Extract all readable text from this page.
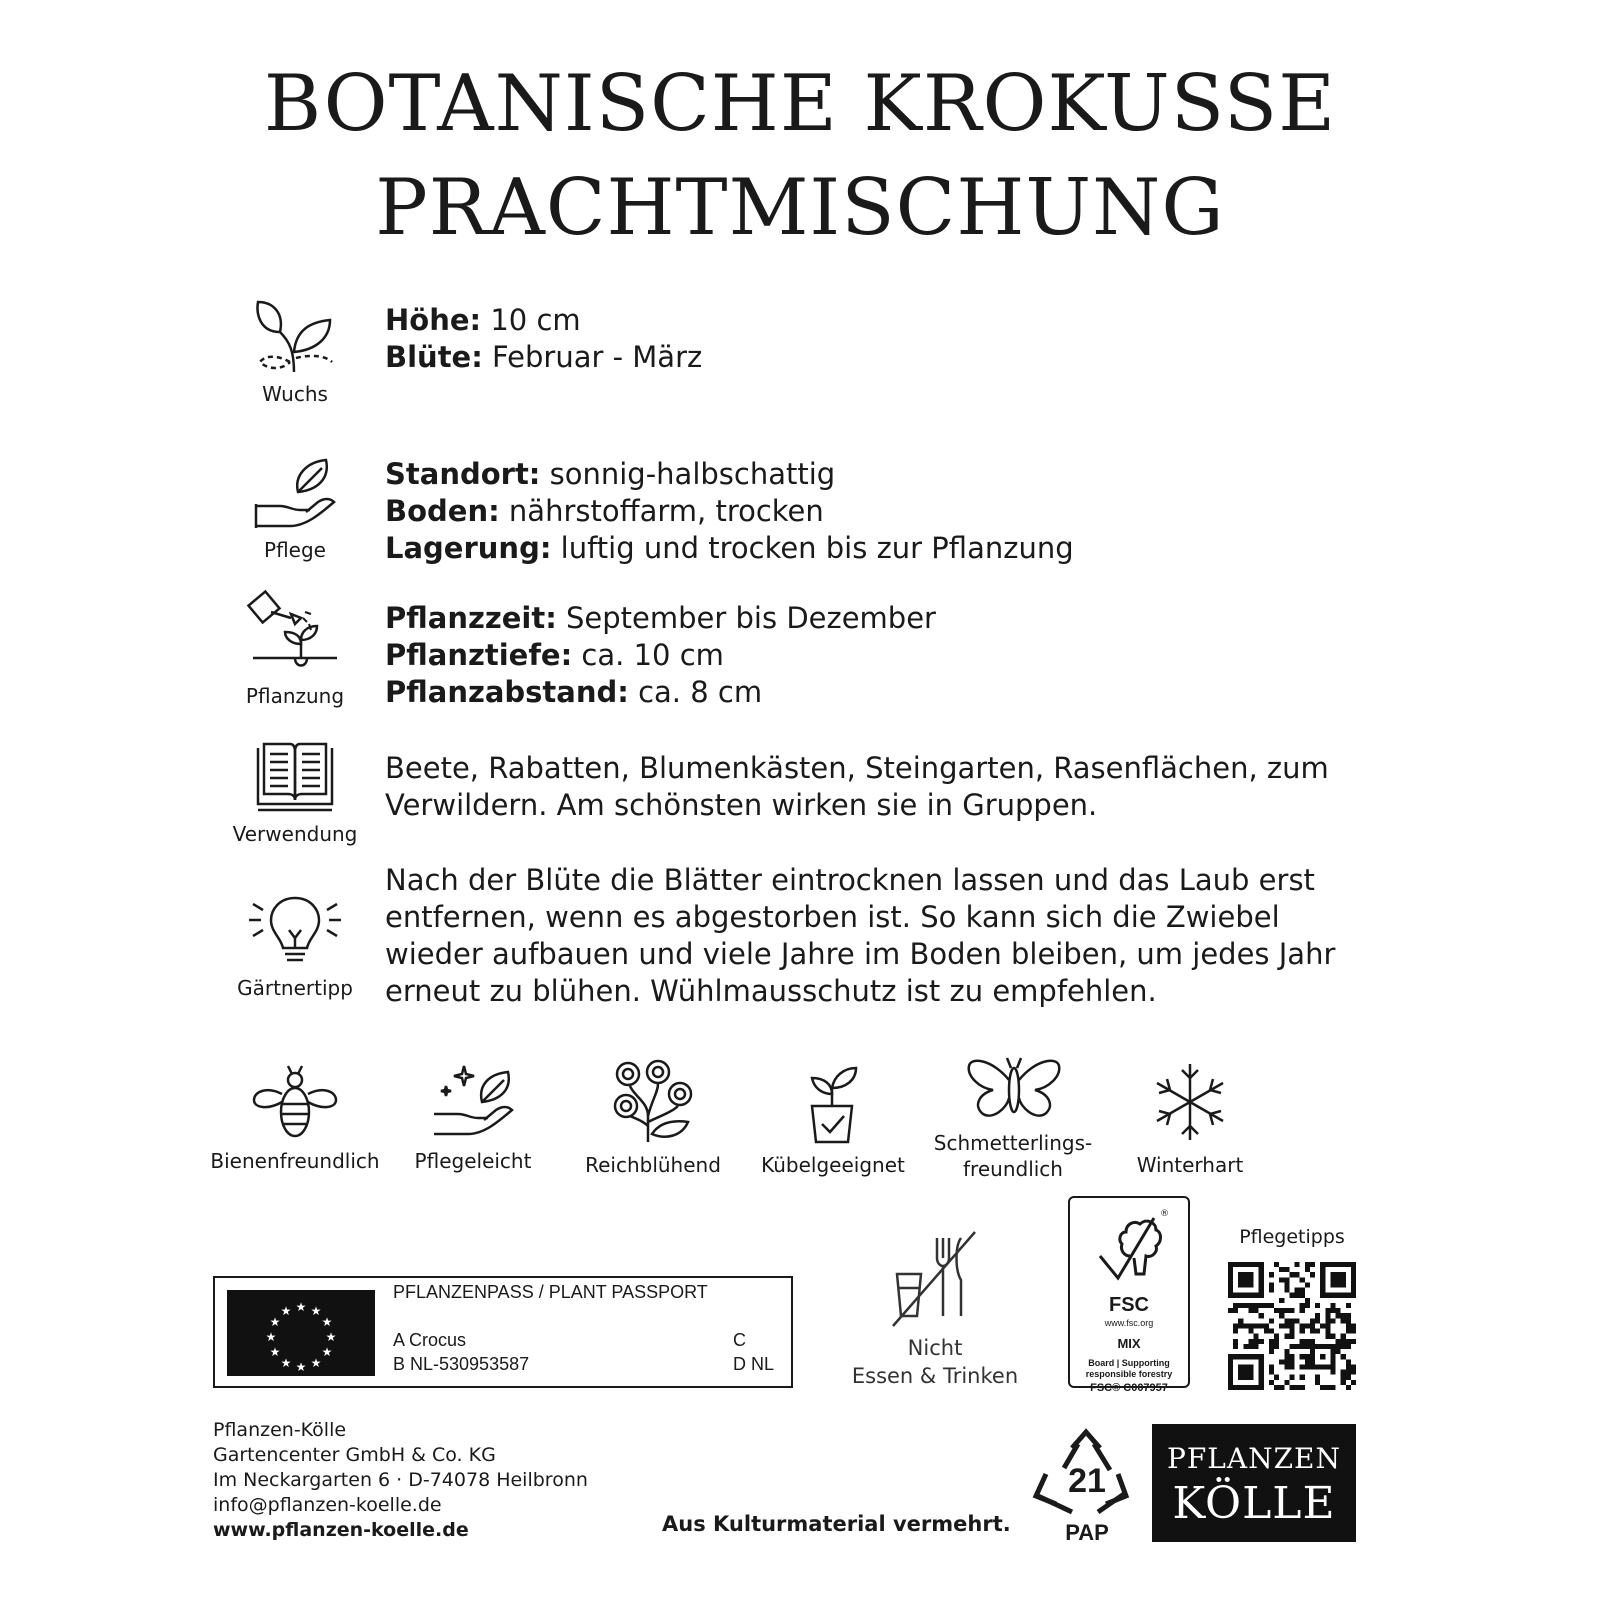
BOTANISCHE KROKUSSE
PRACHTMISCHUNG
Wuchs
Höhe: 10 cm
Blüte: Februar - März
Pflege
Standort: sonnig-halbschattig
Boden: nährstoffarm, trocken
Lagerung: luftig und trocken bis zur Pflanzung
Pflanzung
Pflanzzeit: September bis Dezember
Pflanztiefe: ca. 10 cm
Pflanzabstand: ca. 8 cm
Verwendung
Beete, Rabatten, Blumenkästen, Steingarten, Rasenflächen, zum Verwildern. Am schönsten wirken sie in Gruppen.
Gärtnertipp
Nach der Blüte die Blätter eintrocknen lassen und das Laub erst entfernen, wenn es abgestorben ist. So kann sich die Zwiebel wieder aufbauen und viele Jahre im Boden bleiben, um jedes Jahr erneut zu blühen. Wühlmausschutz ist zu empfehlen.
Bienenfreundlich	Pflegeleicht	Reichblühend	Kübelgeeignet
Schmetterlings-
freundlich	Winterhart
★ ★
★
★
★
★
★
★
★
★
★
★
PFLANZENPASS / PLANT PASSPORT
A Crocus
B NL-530953587
C
D NL
Nicht
Essen & Trinken
®
FSC
www.fsc.org
MIX
Board | Supporting
responsible forestry
FSC® C007957
Pflegetipps
Pflanzen-Kölle
Gartencenter GmbH & Co. KG
Im Neckargarten 6 · D-74078 Heilbronn
info@pflanzen-koelle.de
www.pflanzen-koelle.de	Aus Kulturmaterial vermehrt.
21
PAP
PFLANZEN
KÖLLE
